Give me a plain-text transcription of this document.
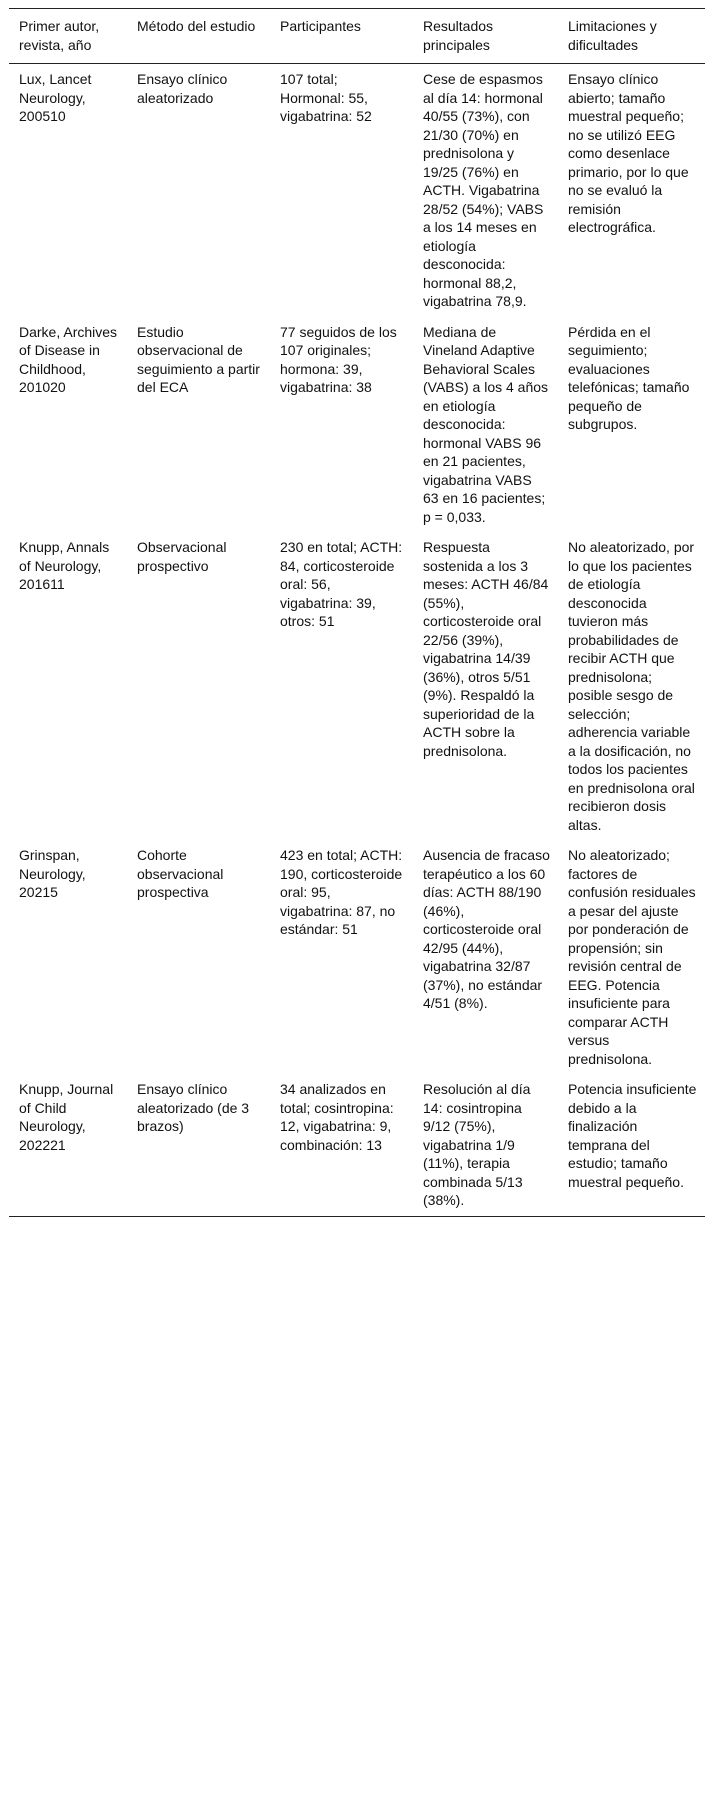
Primer autor, revista, año	Método del estudio	Participantes	Resultados principales	Limitaciones y dificultades
Lux, Lancet Neurology, 200510	Ensayo clínico aleatorizado	107 total; Hormonal: 55, vigabatrina: 52	Cese de espasmos al día 14: hormonal 40/55 (73%), con 21/30 (70%) en prednisolona y 19/25 (76%) en ACTH. Vigabatrina 28/52 (54%); VABS a los 14 meses en etiología desconocida: hormonal 88,2, vigabatrina 78,9.	Ensayo clínico abierto; tamaño muestral pequeño; no se utilizó EEG como desenlace primario, por lo que no se evaluó la remisión electrográfica.
Darke, Archives of Disease in Childhood, 201020	Estudio observacional de seguimiento a partir del ECA	77 seguidos de los 107 originales; hormona: 39, vigabatrina: 38	Mediana de Vineland Adaptive Behavioral Scales (VABS) a los 4 años en etiología desconocida: hormonal VABS 96 en 21 pacientes, vigabatrina VABS 63 en 16 pacientes; p = 0,033.	Pérdida en el seguimiento; evaluaciones telefónicas; tamaño pequeño de subgrupos.
Knupp, Annals of Neurology, 201611	Observacional prospectivo	230 en total; ACTH: 84, corticosteroide oral: 56, vigabatrina: 39, otros: 51	Respuesta sostenida a los 3 meses: ACTH 46/84 (55%), corticosteroide oral 22/56 (39%), vigabatrina 14/39 (36%), otros 5/51 (9%). Respaldó la superioridad de la ACTH sobre la prednisolona.	No aleatorizado, por lo que los pacientes de etiología desconocida tuvieron más probabilidades de recibir ACTH que prednisolona; posible sesgo de selección; adherencia variable a la dosificación, no todos los pacientes en prednisolona oral recibieron dosis altas.
Grinspan, Neurology, 20215	Cohorte observacional prospectiva	423 en total; ACTH: 190, corticosteroide oral: 95, vigabatrina: 87, no estándar: 51	Ausencia de fracaso terapéutico a los 60 días: ACTH 88/190 (46%), corticosteroide oral 42/95 (44%), vigabatrina 32/87 (37%), no estándar 4/51 (8%).	No aleatorizado; factores de confusión residuales a pesar del ajuste por ponderación de propensión; sin revisión central de EEG. Potencia insuficiente para comparar ACTH versus prednisolona.
Knupp, Journal of Child Neurology, 202221	Ensayo clínico aleatorizado (de 3 brazos)	34 analizados en total; cosintropina: 12, vigabatrina: 9, combinación: 13	Resolución al día 14: cosintropina 9/12 (75%), vigabatrina 1/9 (11%), terapia combinada 5/13 (38%).	Potencia insuficiente debido a la finalización temprana del estudio; tamaño muestral pequeño.
